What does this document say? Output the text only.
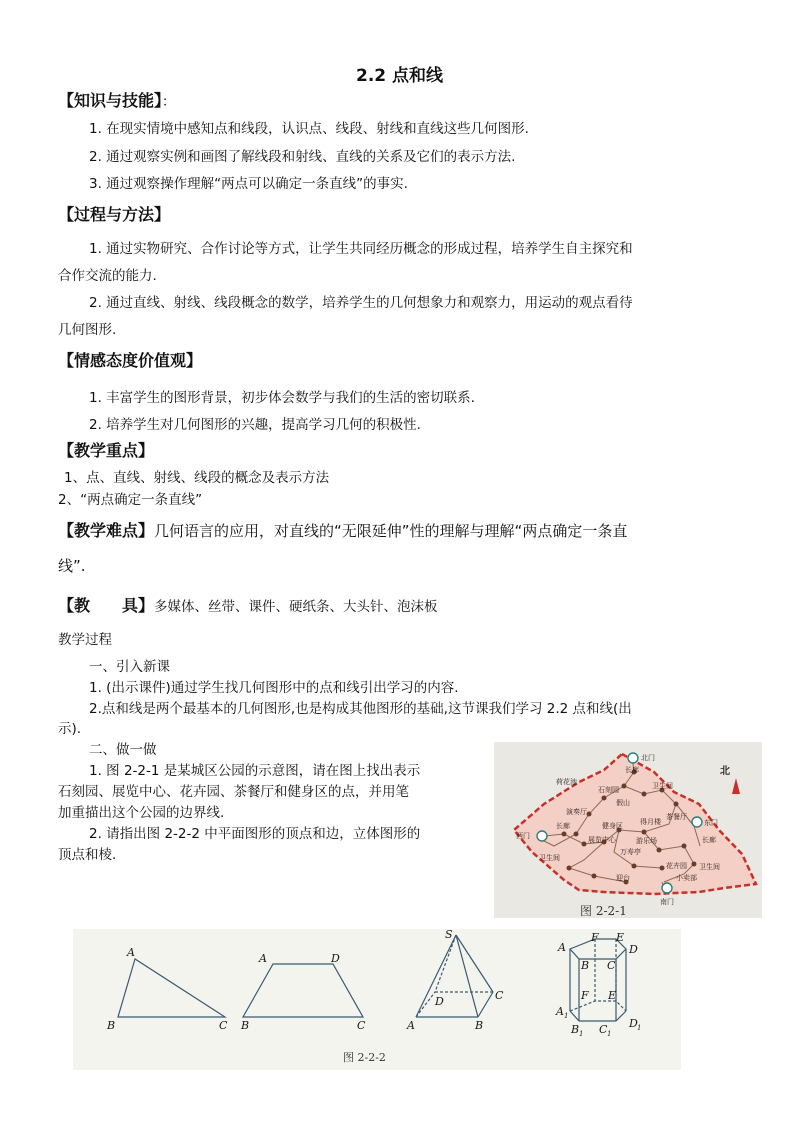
2.2 点和线
【知识与技能】：
1. 在现实情境中感知点和线段，认识点、线段、射线和直线这些几何图形.
2. 通过观察实例和画图了解线段和射线、直线的关系及它们的表示方法.
3. 通过观察操作理解“两点可以确定一条直线”的事实.
【过程与方法】
1. 通过实物研究、合作讨论等方式，让学生共同经历概念的形成过程，培养学生自主探究和
合作交流的能力.
2. 通过直线、射线、线段概念的数学，培养学生的几何想象力和观察力，用运动的观点看待
几何图形.
【情感态度价值观】
1. 丰富学生的图形背景，初步体会数学与我们的生活的密切联系.
2. 培养学生对几何图形的兴趣，提高学习几何的积极性.
【教学重点】
1、点、直线、射线、线段的概念及表示方法
2、“两点确定一条直线”
【教学难点】几何语言的应用，对直线的“无限延伸”性的理解与理解“两点确定一条直
线”.
【教　　具】多媒体、丝带、课件、硬纸条、大头针、泡沫板
教学过程
一、引入新课
1. (出示课件)通过学生找几何图形中的点和线引出学习的内容.
2.点和线是两个最基本的几何图形,也是构成其他图形的基础,这节课我们学习 2.2 点和线(出
示).
二、做一做
1. 图 2-2-1 是某城区公园的示意图，请在图上找出表示
石刻园、展览中心、花卉园、茶餐厅和健身区的点，并用笔
加重描出这个公园的边界线.
2. 请指出图 2-2-2 中平面图形的顶点和边，立体图形的
顶点和棱.
北门
长廊
荷花池
石刻园	卫生间
假山
茶餐厅
得月楼
演奏厅
健身区
西门
长廊
展览中心	游乐场
东门
卫生间
万寿亭
花卉园
长廊
卫生间
小卖部
迎台
南门
北
图 2-2-1
A
B	C
A	D
B	C
S
D	C
A	B
A
F E
B C
D
F E
A
B C D
1
1	1
1
图 2-2-2
